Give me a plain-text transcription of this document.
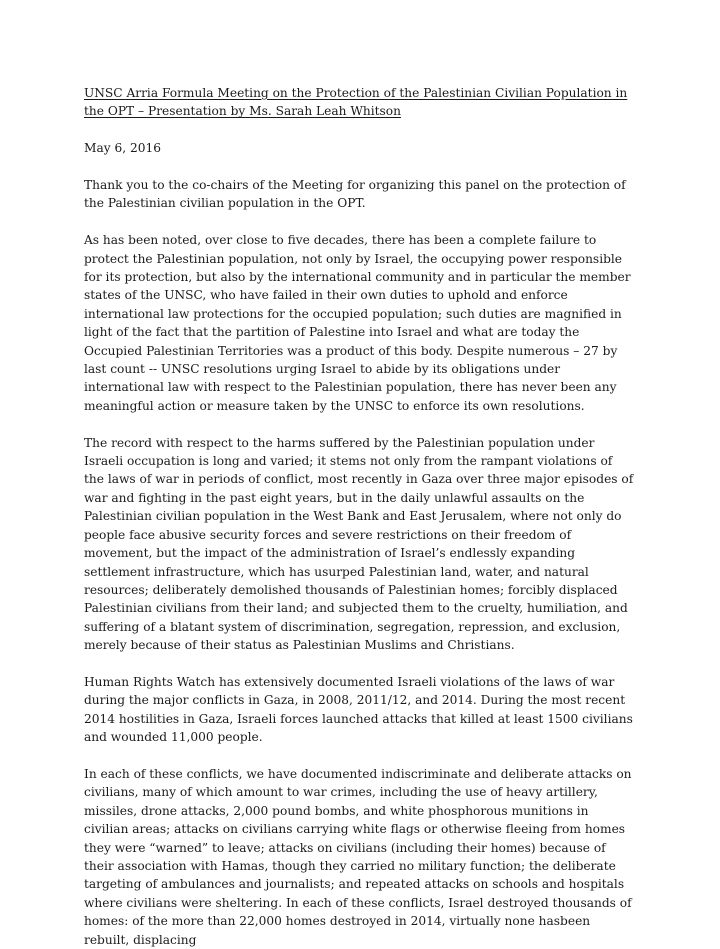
UNSC Arria Formula Meeting on the Protection of the Palestinian Civilian Population in the OPT – Presentation by Ms. Sarah Leah Whitson

May 6, 2016

Thank you to the co-chairs of the Meeting for organizing this panel on the protection of the Palestinian civilian population in the OPT.

As has been noted, over close to five decades, there has been a complete failure to protect the Palestinian population, not only by Israel, the occupying power responsible for its protection, but also by the international community and in particular the member states of the UNSC, who have failed in their own duties to uphold and enforce international law protections for the occupied population; such duties are magnified in light of the fact that the partition of Palestine into Israel and what are today the Occupied Palestinian Territories was a product of this body. Despite numerous – 27 by last count -- UNSC resolutions urging Israel to abide by its obligations under international law with respect to the Palestinian population, there has never been any meaningful action or measure taken by the UNSC to enforce its own resolutions.

The record with respect to the harms suffered by the Palestinian population under Israeli occupation is long and varied; it stems not only from the rampant violations of the laws of war in periods of conflict, most recently in Gaza over three major episodes of war and fighting in the past eight years, but in the daily unlawful assaults on the Palestinian civilian population in the West Bank and East Jerusalem, where not only do people face abusive security forces and severe restrictions on their freedom of movement, but the impact of the administration of Israel’s endlessly expanding settlement infrastructure, which has usurped Palestinian land, water, and natural resources; deliberately demolished thousands of Palestinian homes; forcibly displaced Palestinian civilians from their land; and subjected them to the cruelty, humiliation, and suffering of a blatant system of discrimination, segregation, repression, and exclusion, merely because of their status as Palestinian Muslims and Christians.

Human Rights Watch has extensively documented Israeli violations of the laws of war during the major conflicts in Gaza, in 2008, 2011/12, and 2014. During the most recent 2014 hostilities in Gaza, Israeli forces launched attacks that killed at least 1500 civilians and wounded 11,000 people.

In each of these conflicts, we have documented indiscriminate and deliberate attacks on civilians, many of which amount to war crimes, including the use of heavy artillery, missiles, drone attacks, 2,000 pound bombs, and white phosphorous munitions in civilian areas; attacks on civilians carrying white flags or otherwise fleeing from homes they were “warned” to leave; attacks on civilians (including their homes) because of their association with Hamas, though they carried no military function; the deliberate targeting of ambulances and journalists; and repeated attacks on schools and hospitals where civilians were sheltering. In each of these conflicts, Israel destroyed thousands of homes: of the more than 22,000 homes destroyed in 2014, virtually none hasbeen rebuilt, displacing
